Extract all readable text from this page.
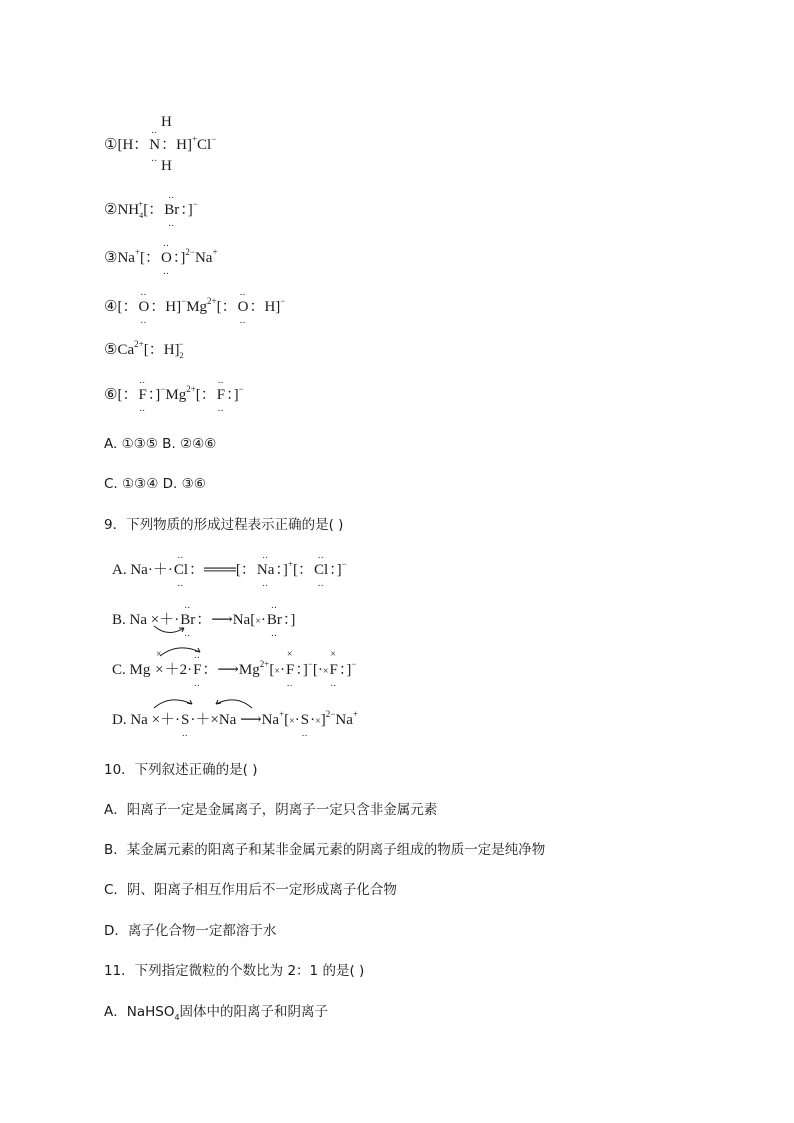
H
H
①[H：‥ N ‥：H]+Cl−
$②NH_4^+$[：‥ Br ‥：]−
③Na+[：‥ O ‥：]$^{2-}$Na+
④[：‥ O ‥：$H]^-Mg^{2+}$[：‥ O ‥：H]−
$⑤Ca^{2+}$[：$H]_2^-$
⑥[：‥ F ‥：]$^-Mg^{2+}$[：‥ F ‥：]−
A. ①③⑤ B. ②④⑥
C. ①③④ D. ③⑥
9．下列物质的形成过程表示正确的是( )
A. Na·＋·‥ Cl ‥：═══[：‥ Na ‥：]+[：‥ Cl ‥：]−
B. Na ×＋·‥ Br ‥：⟶Na[×·‥ Br ‥：]
C. Mg × ×＋2·‥ F ‥：$⟶Mg^{2+}[\times\cdot\times F$ ‥：]−[·×× F ‥：]−
D. Na ×＋·S ‥·＋×Na ⟶Na+[×·S ‥·×]$^{2-}$Na+
10．下列叙述正确的是( )
A．阳离子一定是金属离子，阴离子一定只含非金属元素
B．某金属元素的阳离子和某非金属元素的阴离子组成的物质一定是纯净物
C．阴、阳离子相互作用后不一定形成离子化合物
D．离子化合物一定都溶于水
11．下列指定微粒的个数比为 2：1 的是( )
A．NaHSO$_4$固体中的阳离子和阴离子
